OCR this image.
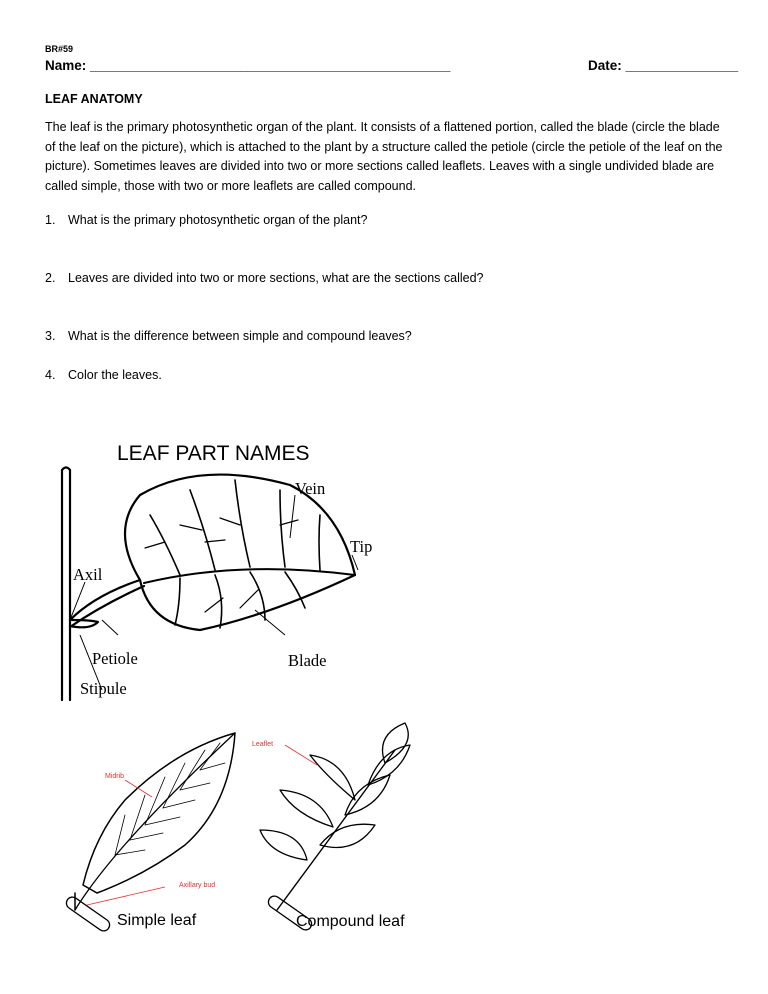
BR#59
Name: ________________________________________________	Date: _______________
LEAF ANATOMY
The leaf is the primary photosynthetic organ of the plant. It consists of a flattened portion, called the blade (circle the blade of the leaf on the picture), which is attached to the plant by a structure called the petiole (circle the petiole of the leaf on the picture). Sometimes leaves are divided into two or more sections called leaflets. Leaves with a single undivided blade are called simple, those with two or more leaflets are called compound.
1. What is the primary photosynthetic organ of the plant?
2. Leaves are divided into two or more sections, what are the sections called?
3. What is the difference between simple and compound leaves?
4. Color the leaves.
LEAF PART NAMES
Vein
Tip
Axil
Petiole	Blade
Stipule
Midrib
Axillary bud
Leaflet
Simple leaf	Compound leaf
